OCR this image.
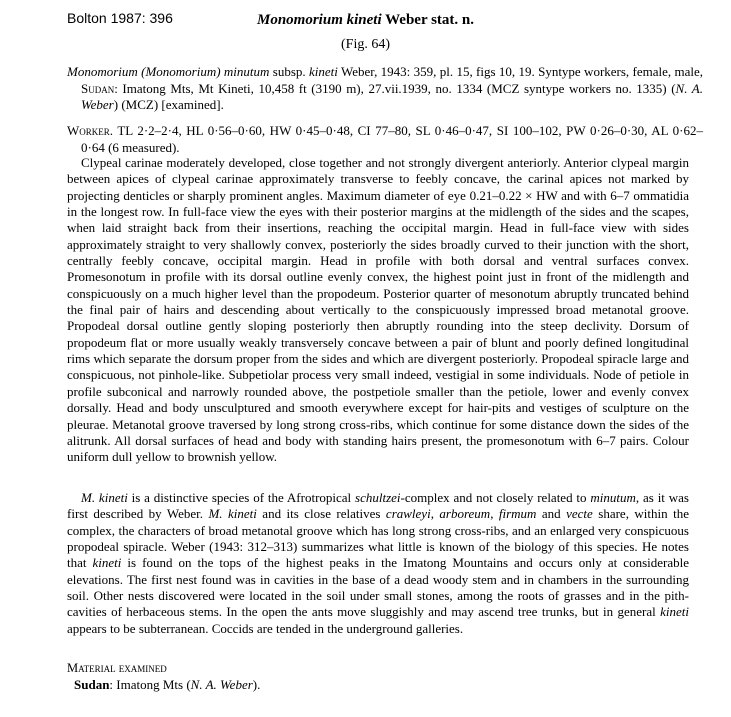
Bolton 1987: 396	Monomorium kineti Weber stat. n.
(Fig. 64)

Monomorium (Monomorium) minutum subsp. kineti Weber, 1943: 359, pl. 15, figs 10, 19. Syntype workers, female, male, Sudan: Imatong Mts, Mt Kineti, 10,458 ft (3190 m), 27.vii.1939, no. 1334 (MCZ syntype workers no. 1335) (N. A. Weber) (MCZ) [examined].

Worker. TL 2·2–2·4, HL 0·56–0·60, HW 0·45–0·48, CI 77–80, SL 0·46–0·47, SI 100–102, PW 0·26–0·30, AL 0·62–0·64 (6 measured).

Clypeal carinae moderately developed, close together and not strongly divergent anteriorly. Anterior clypeal margin between apices of clypeal carinae approximately transverse to feebly concave, the carinal apices not marked by projecting denticles or sharply prominent angles. Maximum diameter of eye 0.21–0.22 × HW and with 6–7 ommatidia in the longest row. In full-face view the eyes with their posterior margins at the midlength of the sides and the scapes, when laid straight back from their insertions, reaching the occipital margin. Head in full-face view with sides approximately straight to very shallowly convex, posteriorly the sides broadly curved to their junction with the short, centrally feebly concave, occipital margin. Head in profile with both dorsal and ventral surfaces convex. Promesonotum in profile with its dorsal outline evenly convex, the highest point just in front of the midlength and conspicuously on a much higher level than the propodeum. Posterior quarter of mesonotum abruptly truncated behind the final pair of hairs and descending about vertically to the conspicuously impressed broad metanotal groove. Propodeal dorsal outline gently sloping posteriorly then abruptly rounding into the steep declivity. Dorsum of propodeum flat or more usually weakly transversely concave between a pair of blunt and poorly defined longitudinal rims which separate the dorsum proper from the sides and which are divergent posteriorly. Propodeal spiracle large and conspicuous, not pinhole-like. Subpetiolar process very small indeed, vestigial in some individuals. Node of petiole in profile subconical and narrowly rounded above, the postpetiole smaller than the petiole, lower and evenly convex dorsally. Head and body unsculptured and smooth everywhere except for hair-pits and vestiges of sculpture on the pleurae. Metanotal groove traversed by long strong cross-ribs, which continue for some distance down the sides of the alitrunk. All dorsal surfaces of head and body with standing hairs present, the promesonotum with 6–7 pairs. Colour uniform dull yellow to brownish yellow.

M. kineti is a distinctive species of the Afrotropical schultzei-complex and not closely related to minutum, as it was first described by Weber. M. kineti and its close relatives crawleyi, arboreum, firmum and vecte share, within the complex, the characters of broad metanotal groove which has long strong cross-ribs, and an enlarged very conspicuous propodeal spiracle. Weber (1943: 312–313) summarizes what little is known of the biology of this species. He notes that kineti is found on the tops of the highest peaks in the Imatong Mountains and occurs only at considerable elevations. The first nest found was in cavities in the base of a dead woody stem and in chambers in the surrounding soil. Other nests discovered were located in the soil under small stones, among the roots of grasses and in the pith-cavities of herbaceous stems. In the open the ants move sluggishly and may ascend tree trunks, but in general kineti appears to be subterranean. Coccids are tended in the underground galleries.

Material examined
Sudan: Imatong Mts (N. A. Weber).
